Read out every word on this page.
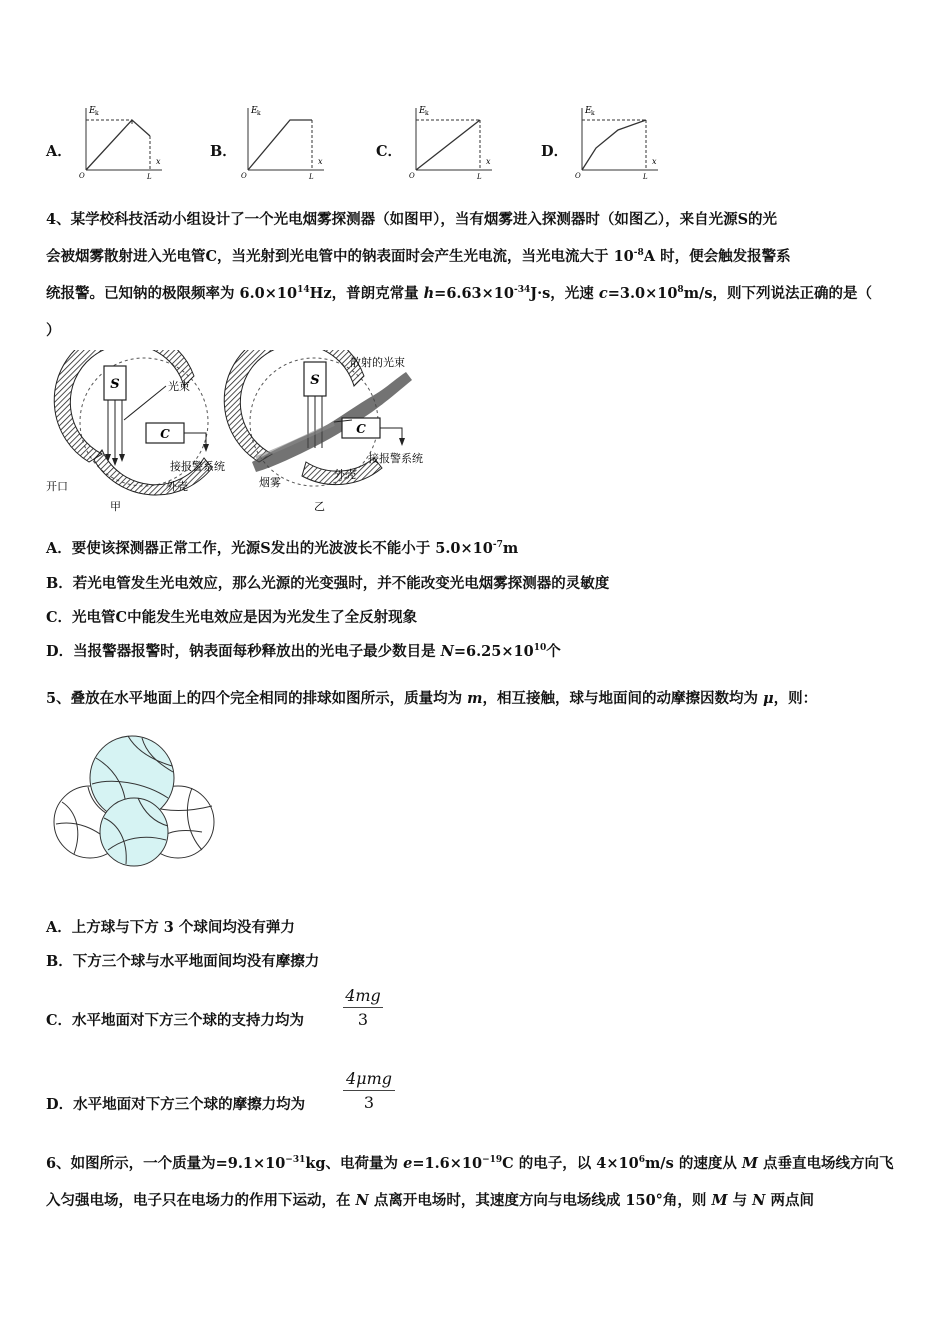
A．	B．	C．	D．
E k
x
O	L
E k
x
O	L
E k
x
O	L
E k
x
O	L
4、某学校科技活动小组设计了一个光电烟雾探测器（如图甲），当有烟雾进入探测器时（如图乙），来自光源S的光
会被烟雾散射进入光电管C，当光射到光电管中的钠表面时会产生光电流，当光电流大于 $10^{-8}A$ 时，便会触发报警系
统报警。已知钠的极限频率为 $6.0\times 10^{14}Hz$，普朗克常量 $h=6.63\times 10^{-34}J\cdot s$，光速 $c=3.0\times 10^8m/s$，则下列说法正确的是（
）
S
C
光束
接报警系统
开口	外壳
甲
S
C
散射的光束
接报警系统
烟雾
外壳
乙
A．要使该探测器正常工作，光源S发出的光波波长不能小于 $5.0\times 10^{-7}m$
B．若光电管发生光电效应，那么光源的光变强时，并不能改变光电烟雾探测器的灵敏度
C．光电管C中能发生光电效应是因为光发生了全反射现象
D．当报警器报警时，钠表面每秒释放出的光电子最少数目是 $N=6.25\times 10^{10}$个
5、叠放在水平地面上的四个完全相同的排球如图所示，质量均为 m，相互接触，球与地面间的动摩擦因数均为 μ，则：
A．上方球与下方 3 个球间均没有弹力
B．下方三个球与水平地面间均没有摩擦力
C．水平地面对下方三个球的支持力均为 $\frac{4mg}{3}$
D．水平地面对下方三个球的摩擦力均为
4μmg
3
6、如图所示，一个质量为$=9.1\times 10^{-31}kg$、电荷量为 $e=1.6\times 10^{-19}C$ 的电子，以 $4\times 10^6m/s$ 的速度从 M 点垂直电场线方向飞
入匀强电场，电子只在电场力的作用下运动，在 N 点离开电场时，其速度方向与电场线成 150°角，则 M 与 N 两点间
